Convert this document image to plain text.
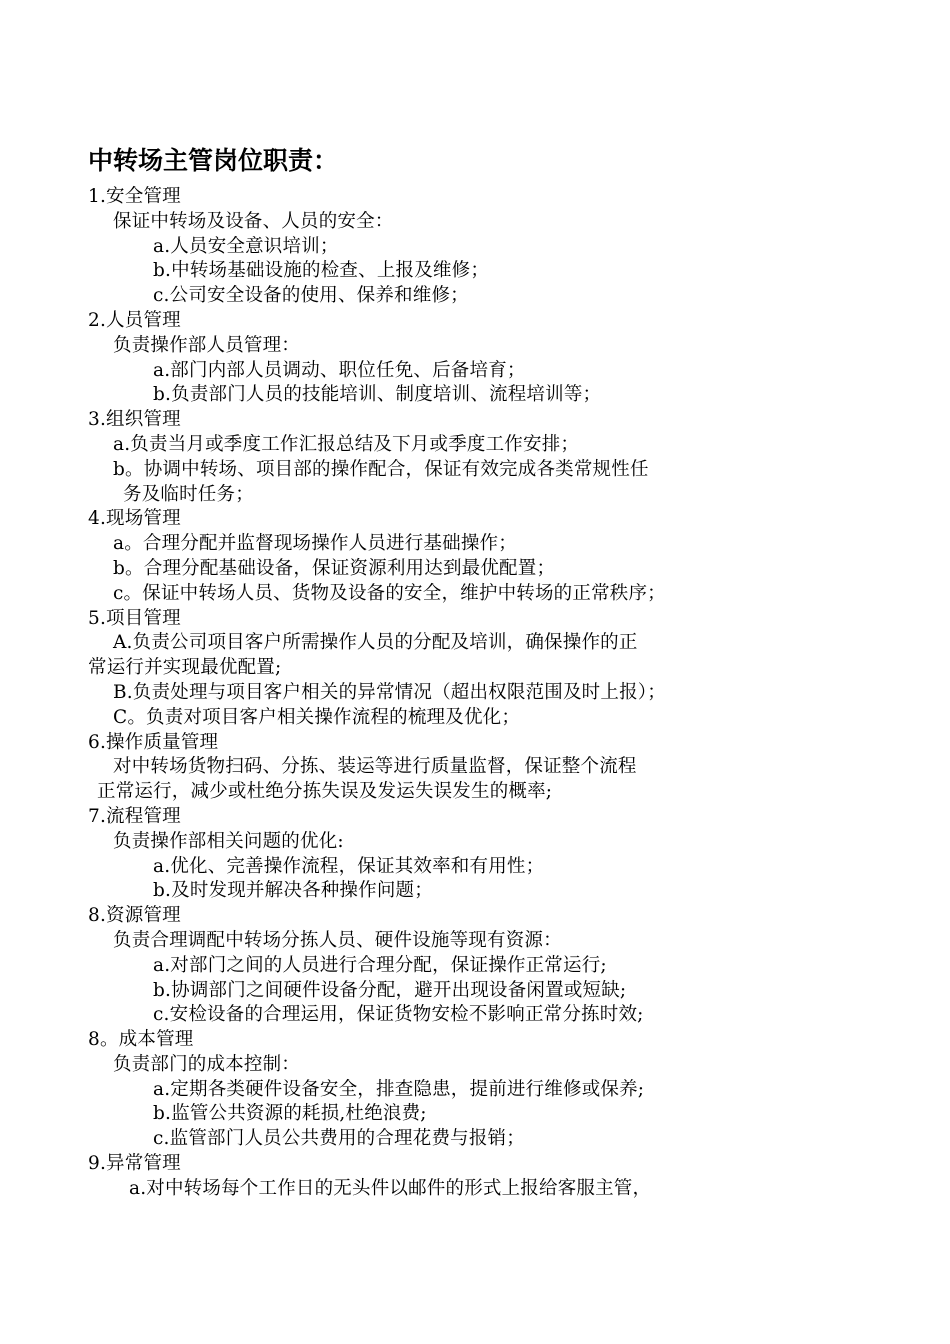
中转场主管岗位职责：
1.安全管理
保证中转场及设备、人员的安全：
a.人员安全意识培训；
b.中转场基础设施的检查、上报及维修；
c.公司安全设备的使用、保养和维修；
2.人员管理
负责操作部人员管理：
a.部门内部人员调动、职位任免、后备培育；
b.负责部门人员的技能培训、制度培训、流程培训等；
3.组织管理
a.负责当月或季度工作汇报总结及下月或季度工作安排；
b。协调中转场、项目部的操作配合，保证有效完成各类常规性任
务及临时任务；
4.现场管理
a。合理分配并监督现场操作人员进行基础操作；
b。合理分配基础设备，保证资源利用达到最优配置；
c。保证中转场人员、货物及设备的安全，维护中转场的正常秩序；
5.项目管理
A.负责公司项目客户所需操作人员的分配及培训，确保操作的正
常运行并实现最优配置;
B.负责处理与项目客户相关的异常情况（超出权限范围及时上报）；
C。负责对项目客户相关操作流程的梳理及优化；
6.操作质量管理
对中转场货物扫码、分拣、装运等进行质量监督，保证整个流程
正常运行，减少或杜绝分拣失误及发运失误发生的概率;
7.流程管理
负责操作部相关问题的优化:
a.优化、完善操作流程，保证其效率和有用性；
b.及时发现并解决各种操作问题；
8.资源管理
负责合理调配中转场分拣人员、硬件设施等现有资源：
a.对部门之间的人员进行合理分配，保证操作正常运行;
b.协调部门之间硬件设备分配，避开出现设备闲置或短缺;
c.安检设备的合理运用，保证货物安检不影响正常分拣时效;
8。成本管理
负责部门的成本控制：
a.定期各类硬件设备安全，排查隐患，提前进行维修或保养;
b.监管公共资源的耗损,杜绝浪费;
c.监管部门人员公共费用的合理花费与报销；
9.异常管理
a.对中转场每个工作日的无头件以邮件的形式上报给客服主管，
